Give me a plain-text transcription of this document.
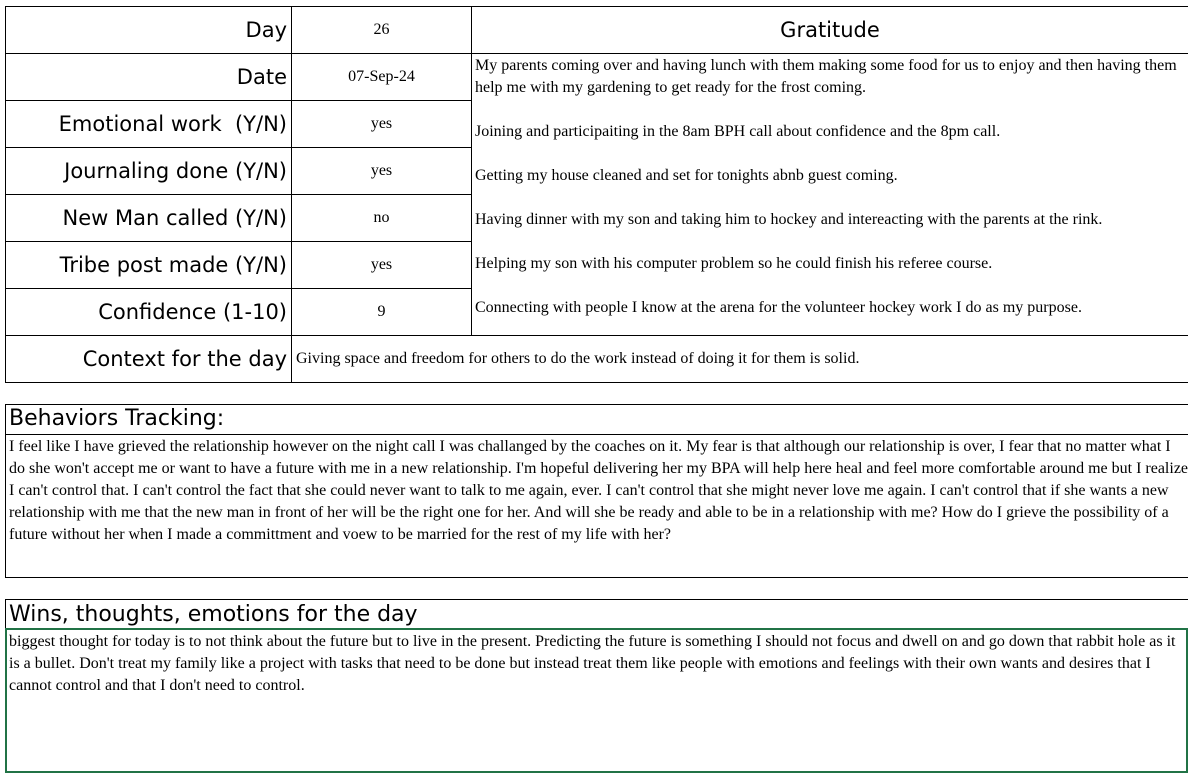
Day
Date
Emotional work  (Y/N)
Journaling done (Y/N)
New Man called (Y/N)
Tribe post made (Y/N)
Confidence (1-10)
Context for the day
26
07-Sep-24
yes
yes
no
yes
9
Giving space and freedom for others to do the work instead of doing it for them is solid.
Gratitude
My parents coming over and having lunch with them making some food for us to enjoy and then having them help me with my gardening to get ready for the frost coming.
Joining and participaiting in the 8am BPH call about confidence and the 8pm call.
Getting my house cleaned and set for tonights abnb guest coming.
Having dinner with my son and taking him to hockey and intereacting with the parents at the rink.
Helping my son with his computer problem so he could finish his referee course.
Connecting with people I know at the arena for the volunteer hockey work I do as my purpose.
Behaviors Tracking:
I feel like I have grieved the relationship however on the night call I was challanged by the coaches on it. My fear is that although our relationship is over, I fear that no matter what I do she won't accept me or want to have a future with me in a new relationship. I'm hopeful delivering her my BPA will help here heal and feel more comfortable around me but I realize I can't control that. I can't control the fact that she could never want to talk to me again, ever. I can't control that she might never love me again. I can't control that if she wants a new relationship with me that the new man in front of her will be the right one for her. And will she be ready and able to be in a relationship with me? How do I grieve the possibility of a future without her when I made a committment and voew to be married for the rest of my life with her?
Wins, thoughts, emotions for the day
biggest thought for today is to not think about the future but to live in the present. Predicting the future is something I should not focus and dwell on and go down that rabbit hole as it is a bullet. Don't treat my family like a project with tasks that need to be done but instead treat them like people with emotions and feelings with their own wants and desires that I cannot control and that I don't need to control.
